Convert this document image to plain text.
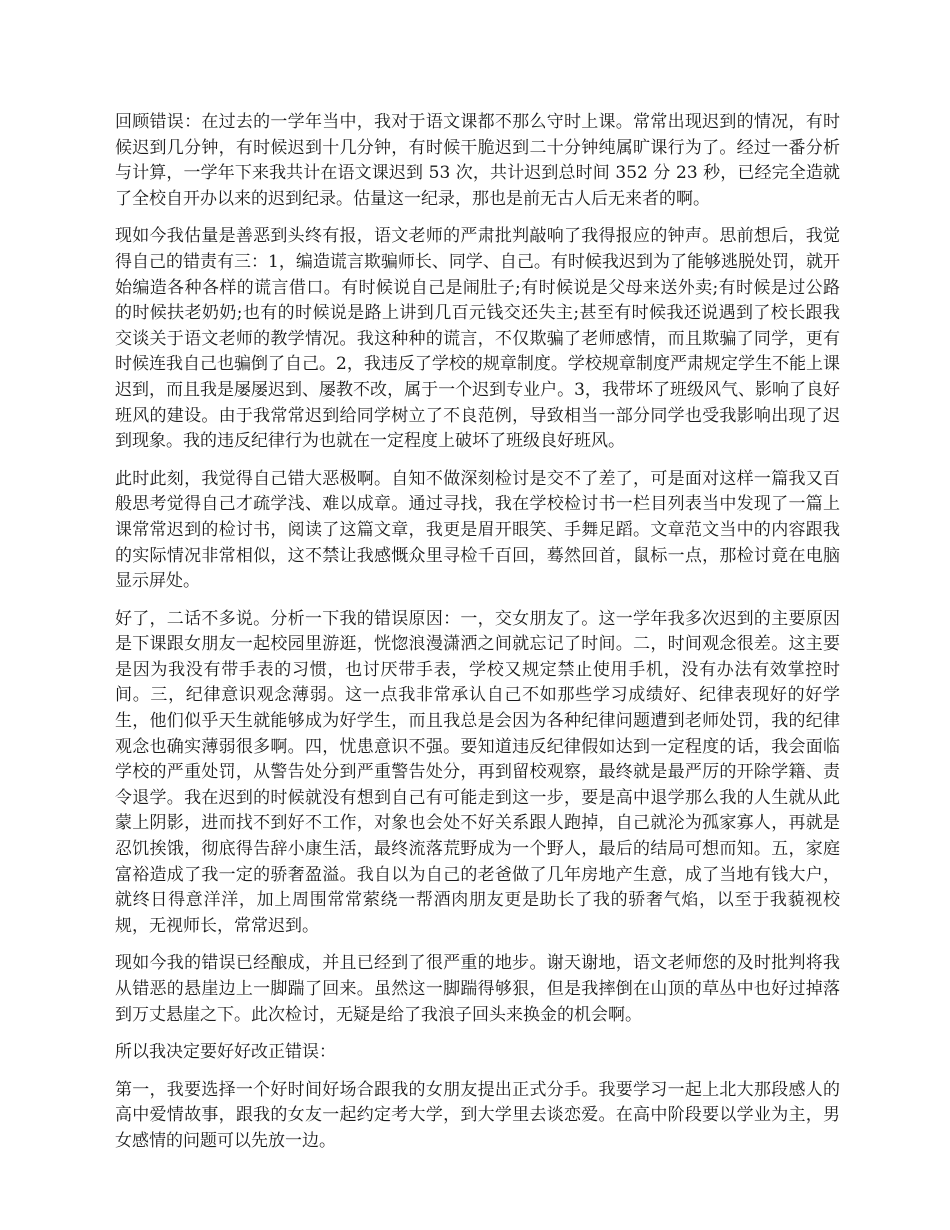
回顾错误：在过去的一学年当中，我对于语文课都不那么守时上课。常常出现迟到的情况，有时候迟到几分钟，有时候迟到十几分钟，有时候干脆迟到二十分钟纯属旷课行为了。经过一番分析与计算，一学年下来我共计在语文课迟到 53 次，共计迟到总时间 352 分 23 秒，已经完全造就了全校自开办以来的迟到纪录。估量这一纪录，那也是前无古人后无来者的啊。

现如今我估量是善恶到头终有报，语文老师的严肃批判敲响了我得报应的钟声。思前想后，我觉得自己的错责有三：1，编造谎言欺骗师长、同学、自己。有时候我迟到为了能够逃脱处罚，就开始编造各种各样的谎言借口。有时候说自己是闹肚子;有时候说是父母来送外卖;有时候是过公路的时候扶老奶奶;也有的时候说是路上讲到几百元钱交还失主;甚至有时候我还说遇到了校长跟我交谈关于语文老师的教学情况。我这种种的谎言，不仅欺骗了老师感情，而且欺骗了同学，更有时候连我自己也骗倒了自己。2，我违反了学校的规章制度。学校规章制度严肃规定学生不能上课迟到，而且我是屡屡迟到、屡教不改，属于一个迟到专业户。3，我带坏了班级风气、影响了良好班风的建设。由于我常常迟到给同学树立了不良范例，导致相当一部分同学也受我影响出现了迟到现象。我的违反纪律行为也就在一定程度上破坏了班级良好班风。

此时此刻，我觉得自己错大恶极啊。自知不做深刻检讨是交不了差了，可是面对这样一篇我又百般思考觉得自己才疏学浅、难以成章。通过寻找，我在学校检讨书一栏目列表当中发现了一篇上课常常迟到的检讨书，阅读了这篇文章，我更是眉开眼笑、手舞足蹈。文章范文当中的内容跟我的实际情况非常相似，这不禁让我感慨众里寻检千百回，蓦然回首，鼠标一点，那检讨竟在电脑显示屏处。

好了，二话不多说。分析一下我的错误原因：一，交女朋友了。这一学年我多次迟到的主要原因是下课跟女朋友一起校园里游逛，恍惚浪漫潇洒之间就忘记了时间。二，时间观念很差。这主要是因为我没有带手表的习惯，也讨厌带手表，学校又规定禁止使用手机，没有办法有效掌控时间。三，纪律意识观念薄弱。这一点我非常承认自己不如那些学习成绩好、纪律表现好的好学生，他们似乎天生就能够成为好学生，而且我总是会因为各种纪律问题遭到老师处罚，我的纪律观念也确实薄弱很多啊。四，忧患意识不强。要知道违反纪律假如达到一定程度的话，我会面临学校的严重处罚，从警告处分到严重警告处分，再到留校观察，最终就是最严厉的开除学籍、责令退学。我在迟到的时候就没有想到自己有可能走到这一步，要是高中退学那么我的人生就从此蒙上阴影，进而找不到好不工作，对象也会处不好关系跟人跑掉，自己就沦为孤家寡人，再就是忍饥挨饿，彻底得告辞小康生活，最终流落荒野成为一个野人，最后的结局可想而知。五，家庭富裕造成了我一定的骄奢盈溢。我自以为自己的老爸做了几年房地产生意，成了当地有钱大户，就终日得意洋洋，加上周围常常萦绕一帮酒肉朋友更是助长了我的骄奢气焰，以至于我藐视校规，无视师长，常常迟到。

现如今我的错误已经酿成，并且已经到了很严重的地步。谢天谢地，语文老师您的及时批判将我从错恶的悬崖边上一脚踹了回来。虽然这一脚踹得够狠，但是我摔倒在山顶的草丛中也好过掉落到万丈悬崖之下。此次检讨，无疑是给了我浪子回头来换金的机会啊。

所以我决定要好好改正错误：

第一，我要选择一个好时间好场合跟我的女朋友提出正式分手。我要学习一起上北大那段感人的高中爱情故事，跟我的女友一起约定考大学，到大学里去谈恋爱。在高中阶段要以学业为主，男女感情的问题可以先放一边。
